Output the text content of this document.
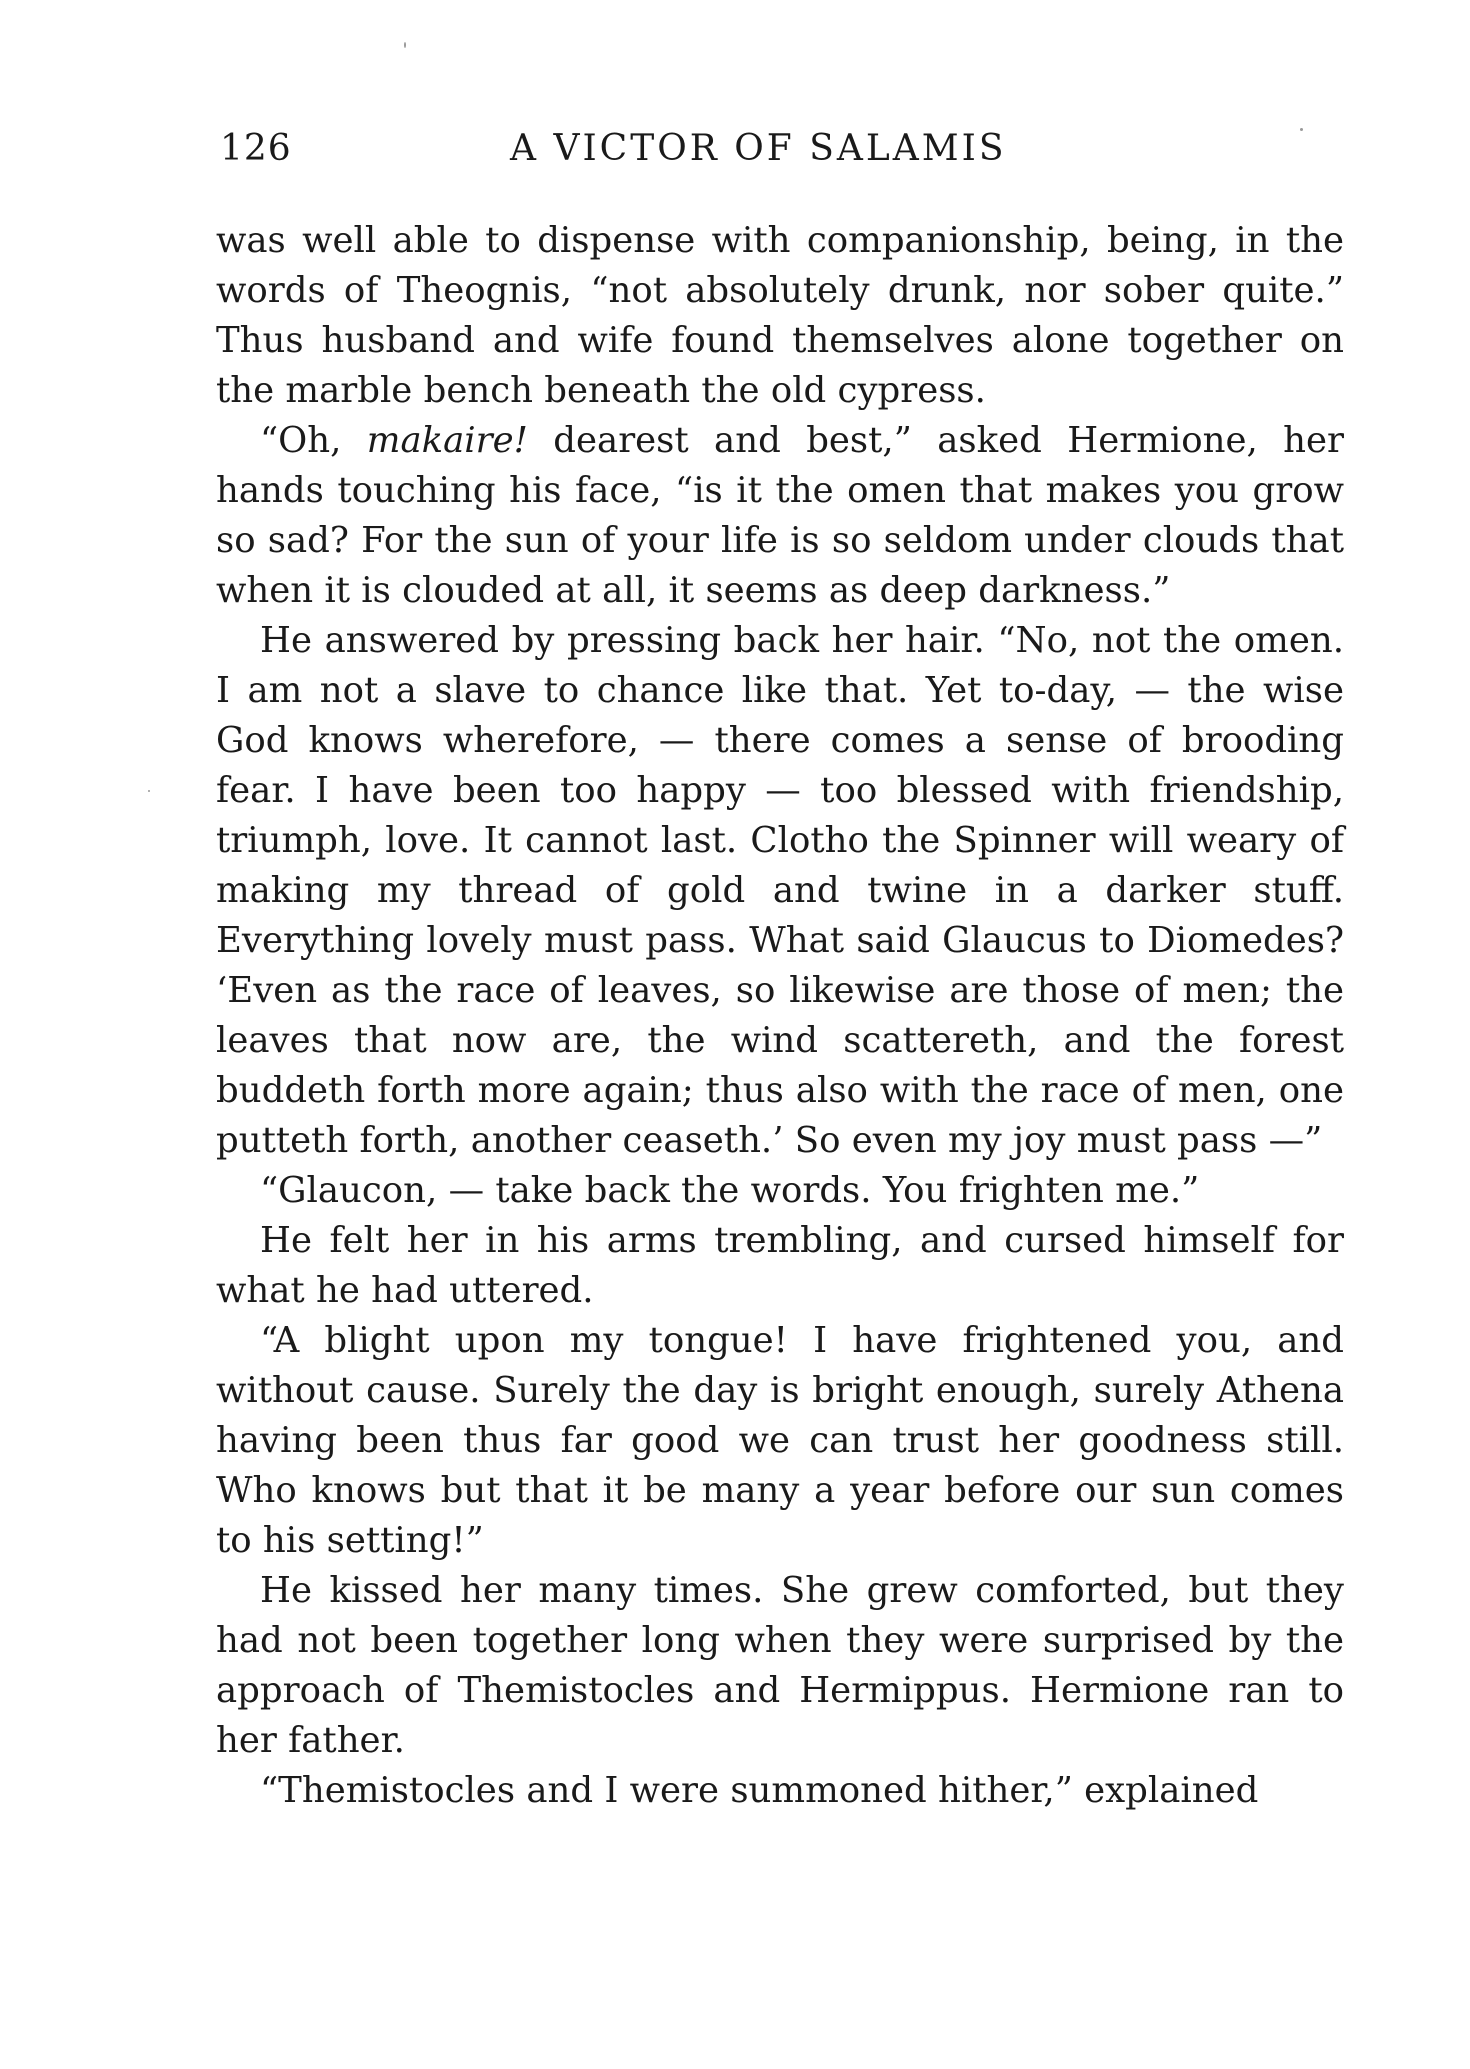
126	A VICTOR OF SALAMIS

was well able to dispense with companionship, being, in the words of Theognis, “not absolutely drunk, nor sober quite.” Thus husband and wife found themselves alone together on the marble bench beneath the old cypress.

“Oh, makaire! dearest and best,” asked Hermione, her hands touching his face, “is it the omen that makes you grow so sad? For the sun of your life is so seldom under clouds that when it is clouded at all, it seems as deep darkness.”

He answered by pressing back her hair. “No, not the omen. I am not a slave to chance like that. Yet to-day, — the wise God knows wherefore, — there comes a sense of brooding fear. I have been too happy — too blessed with friendship, triumph, love. It cannot last. Clotho the Spinner will weary of making my thread of gold and twine in a darker stuff. Everything lovely must pass. What said Glaucus to Diomedes? ‘Even as the race of leaves, so likewise are those of men; the leaves that now are, the wind scattereth, and the forest buddeth forth more again; thus also with the race of men, one putteth forth, another ceaseth.’ So even my joy must pass —”

“Glaucon, — take back the words. You frighten me.”

He felt her in his arms trembling, and cursed himself for what he had uttered.

“A blight upon my tongue! I have frightened you, and without cause. Surely the day is bright enough, surely Athena having been thus far good we can trust her goodness still. Who knows but that it be many a year before our sun comes to his setting!”

He kissed her many times. She grew comforted, but they had not been together long when they were surprised by the approach of Themistocles and Hermippus. Hermione ran to her father.

“Themistocles and I were summoned hither,” explained
